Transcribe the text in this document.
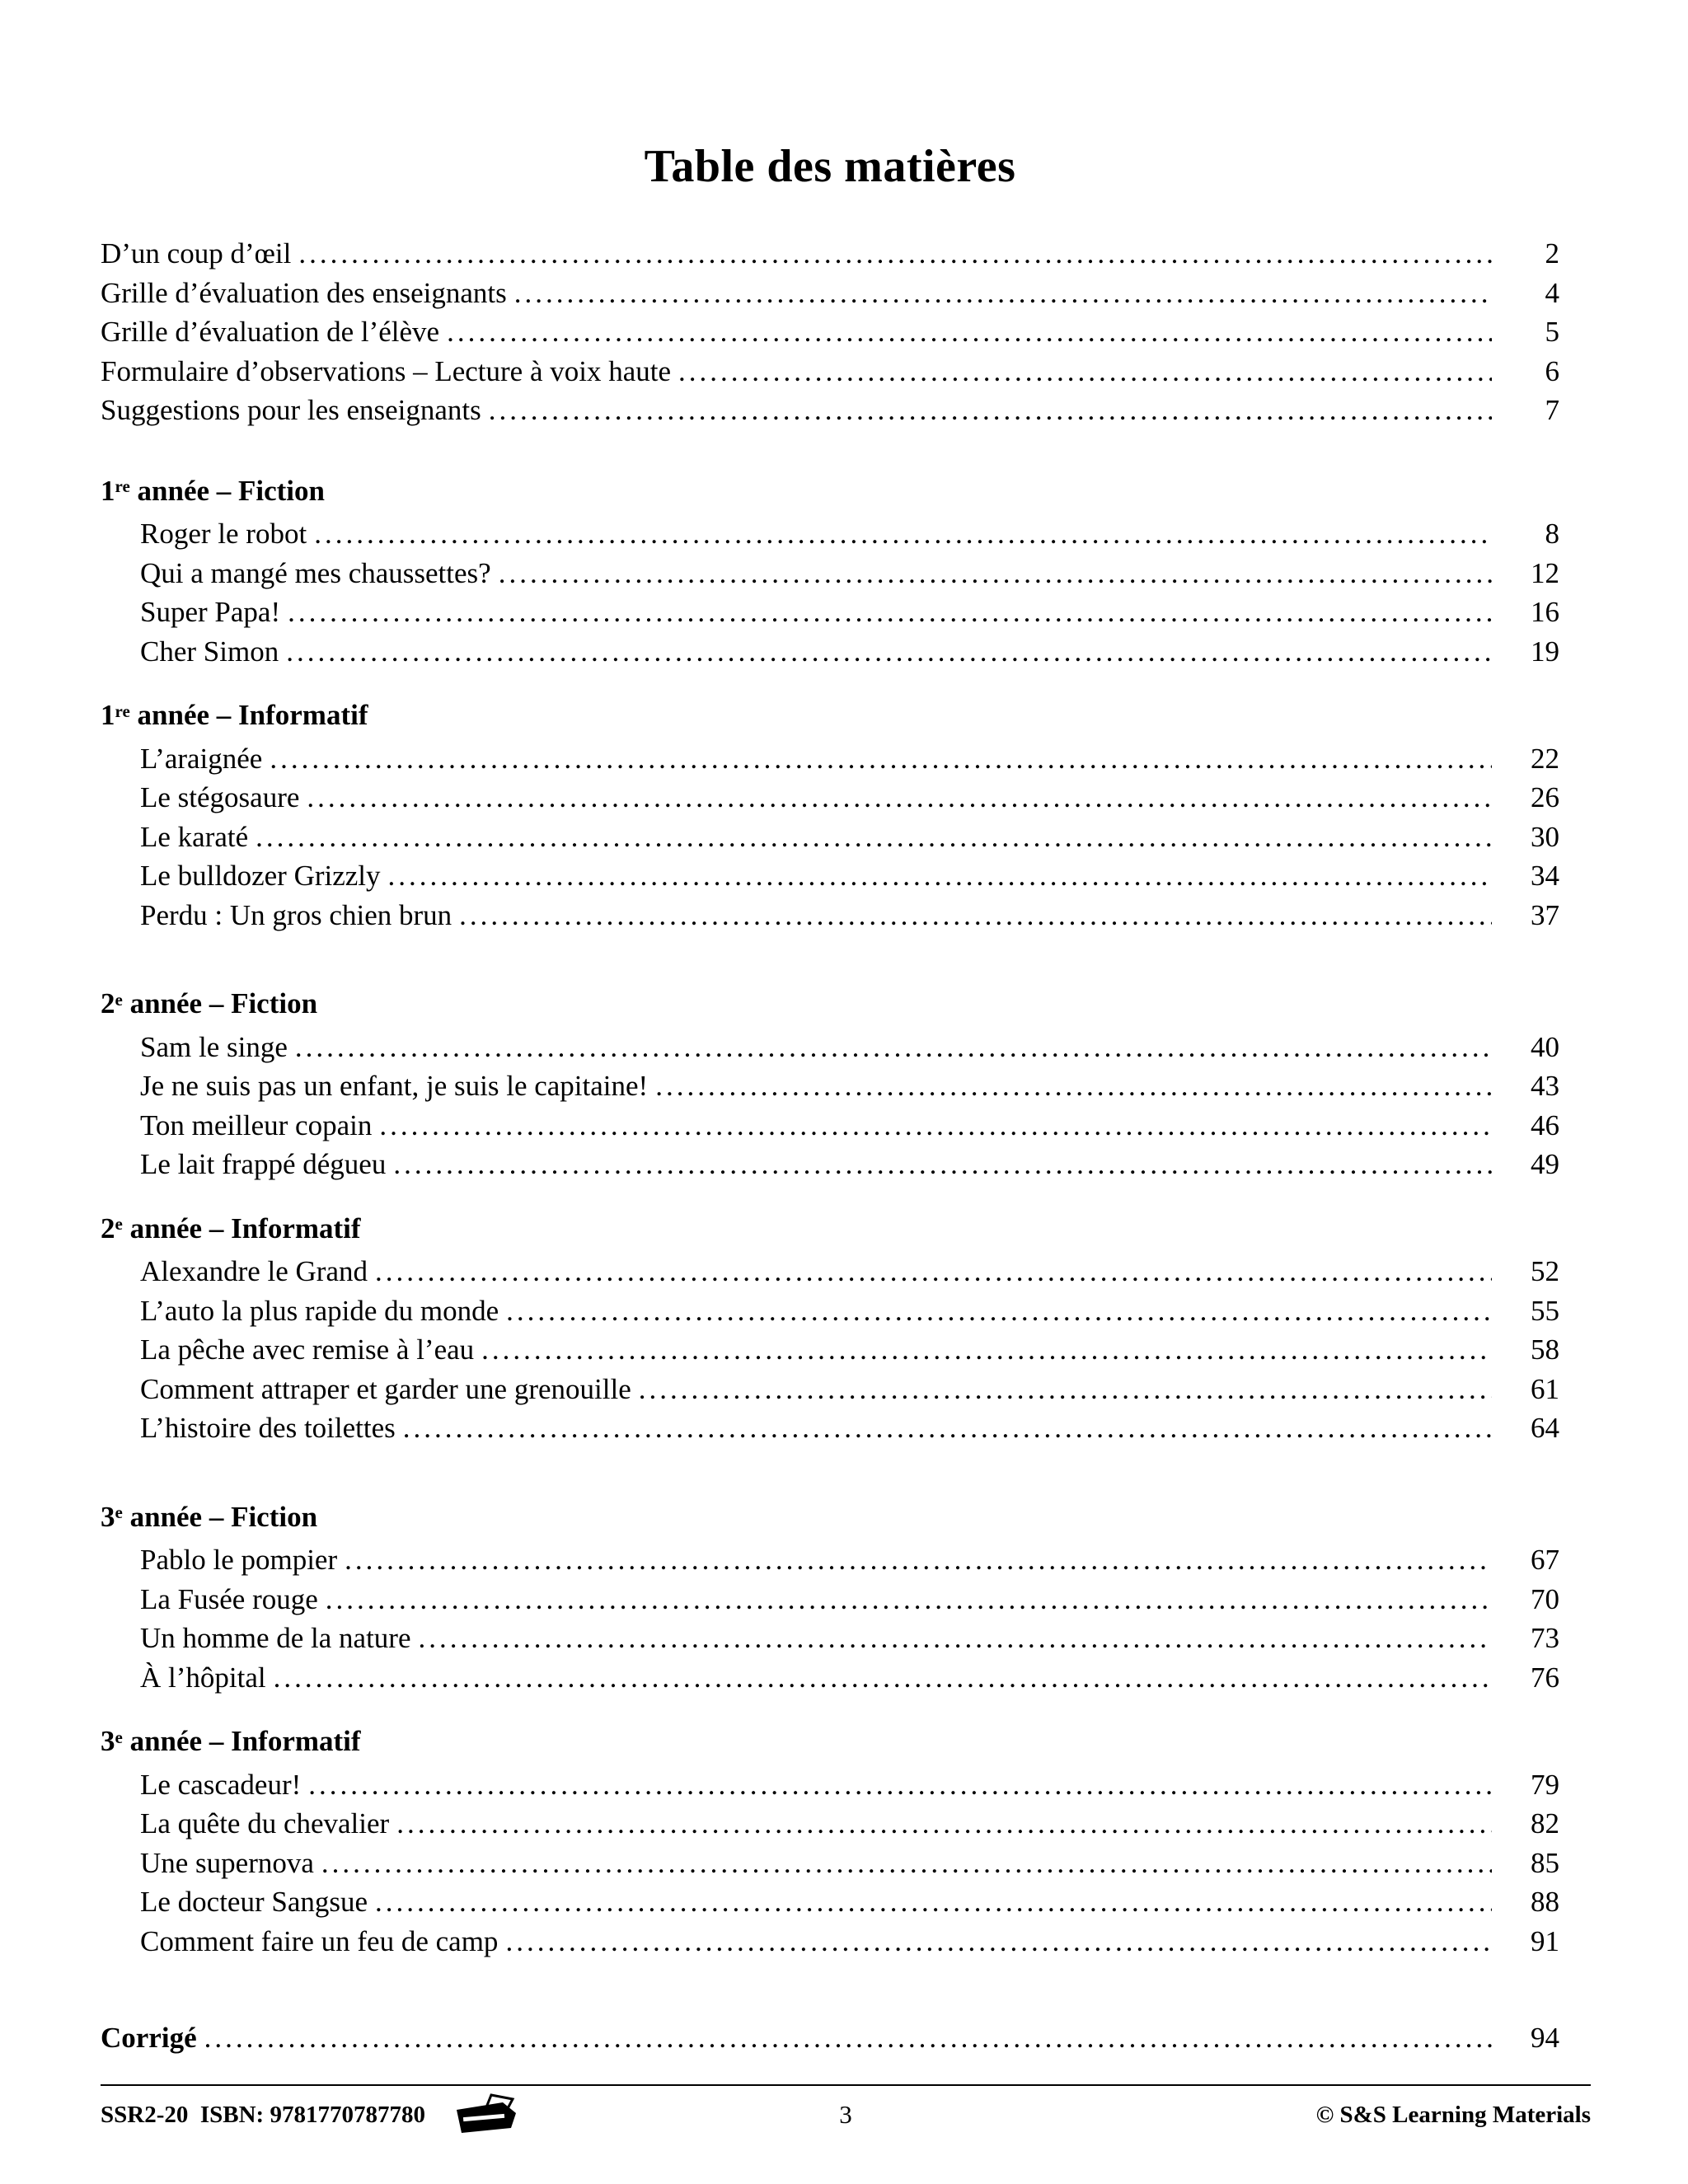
Table des matières
D’un coup d’œil .....	2
Grille d’évaluation des enseignants .....	4
Grille d’évaluation de l’élève .....	5
Formulaire d’observations – Lecture à voix haute .....	6
Suggestions pour les enseignants .....	7
1re année – Fiction
Roger le robot .....	8
Qui a mangé mes chaussettes? .....	12
Super Papa! .....	16
Cher Simon .....	19
1re année – Informatif
L’araignée .....	22
Le stégosaure .....	26
Le karaté .....	30
Le bulldozer Grizzly .....	34
Perdu : Un gros chien brun .....	37
2e année – Fiction
Sam le singe .....	40
Je ne suis pas un enfant, je suis le capitaine! .....	43
Ton meilleur copain .....	46
Le lait frappé dégueu .....	49
2e année – Informatif
Alexandre le Grand .....	52
L’auto la plus rapide du monde .....	55
La pêche avec remise à l’eau .....	58
Comment attraper et garder une grenouille .....	61
L’histoire des toilettes .....	64
3e année – Fiction
Pablo le pompier .....	67
La Fusée rouge .....	70
Un homme de la nature .....	73
À l’hôpital .....	76
3e année – Informatif
Le cascadeur! .....	79
La quête du chevalier .....	82
Une supernova .....	85
Le docteur Sangsue .....	88
Comment faire un feu de camp .....	91
Corrigé .....	94
SSR2-20  ISBN: 9781770787780	3	© S&S Learning Materials
